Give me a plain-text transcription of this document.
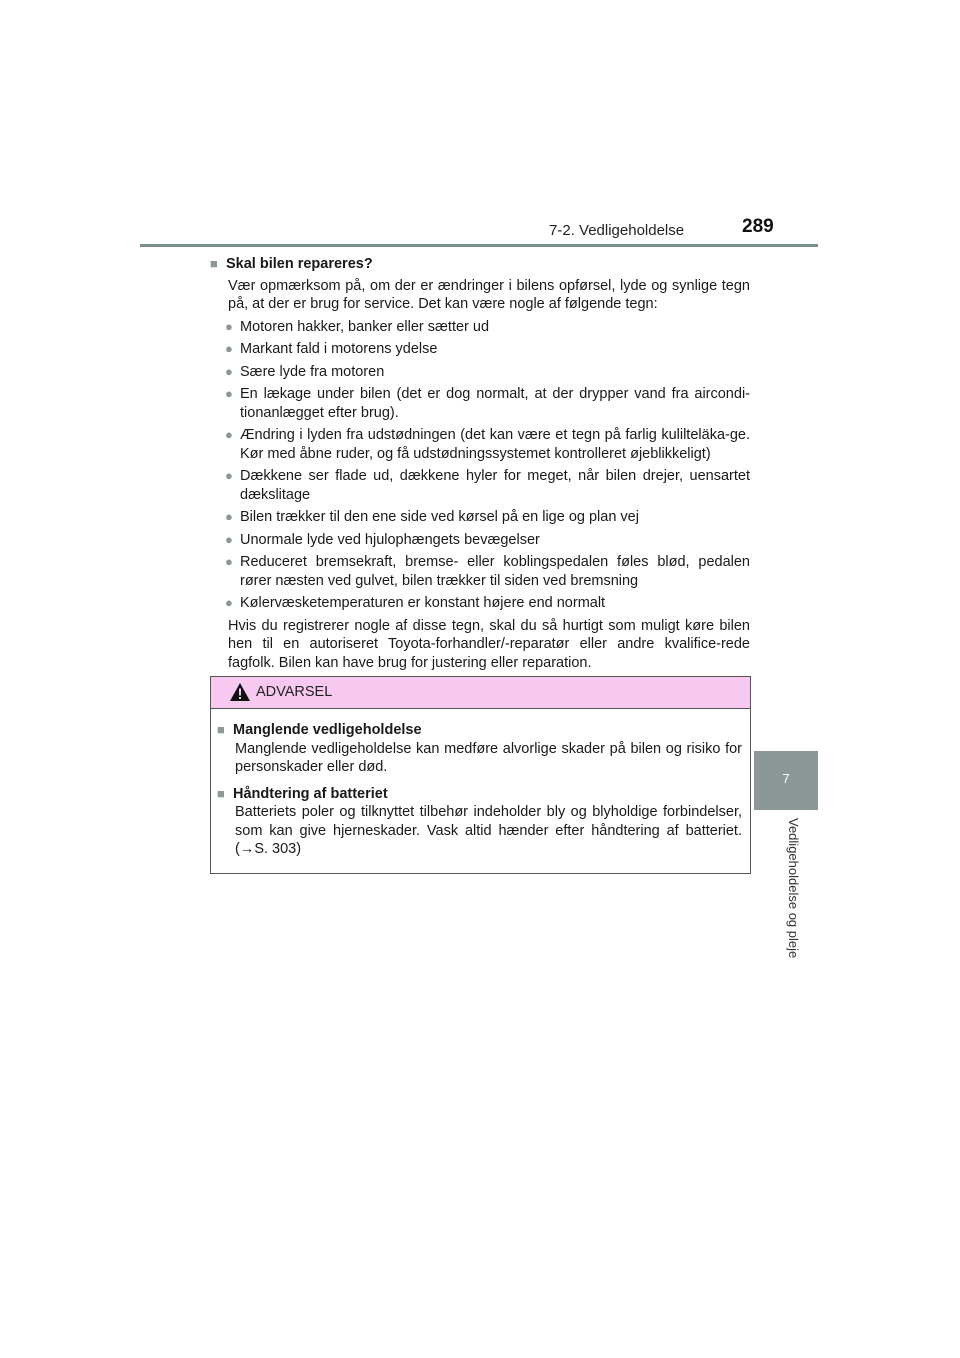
7-2. Vedligeholdelse	289
7
Vedligeholdelse og pleje
■ Skal bilen repareres?
Vær opmærksom på, om der er ændringer i bilens opførsel, lyde og synlige tegn på, at der er brug for service. Det kan være nogle af følgende tegn:
● Motoren hakker, banker eller sætter ud
● Markant fald i motorens ydelse
● Sære lyde fra motoren
● En lækage under bilen (det er dog normalt, at der drypper vand fra aircondi-tionanlægget efter brug).
● Ændring i lyden fra udstødningen (det kan være et tegn på farlig kulilteläka-ge. Kør med åbne ruder, og få udstødningssystemet kontrolleret øjeblikkeligt)
● Dækkene ser flade ud, dækkene hyler for meget, når bilen drejer, uensartet dækslitage
● Bilen trækker til den ene side ved kørsel på en lige og plan vej
● Unormale lyde ved hjulophængets bevægelser
● Reduceret bremsekraft, bremse- eller koblingspedalen føles blød, pedalen rører næsten ved gulvet, bilen trækker til siden ved bremsning
● Kølervæsketemperaturen er konstant højere end normalt
Hvis du registrerer nogle af disse tegn, skal du så hurtigt som muligt køre bilen hen til en autoriseret Toyota-forhandler/-reparatør eller andre kvalifice-rede fagfolk. Bilen kan have brug for justering eller reparation.
ADVARSEL
■ Manglende vedligeholdelse
Manglende vedligeholdelse kan medføre alvorlige skader på bilen og risiko for personskader eller død.
■ Håndtering af batteriet
Batteriets poler og tilknyttet tilbehør indeholder bly og blyholdige forbindelser, som kan give hjerneskader. Vask altid hænder efter håndtering af batteriet. (→S. 303)
